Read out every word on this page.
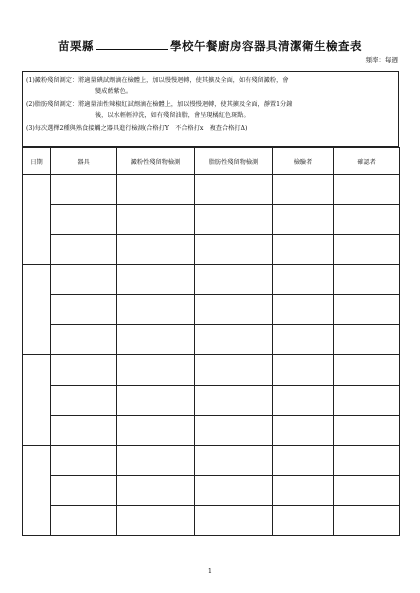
苗栗縣	學校午餐廚房容器具清潔衛生檢查表
頻率：每週
(1)澱粉殘留測定：將適量碘試劑滴在檢體上，加以慢慢迴轉，使其擴及全面，如有殘留澱粉，會
變成藍紫色。
(2)脂肪殘留測定：將適量油性辣椒紅試劑滴在檢體上，加以慢慢迴轉，使其擴及全面，靜置1分鐘
後，以水輕輕沖洗，如有殘留油脂，會呈現橘紅色斑點。
(3)每次選擇2種與熟食接觸之器具進行檢測(合格打Y　不合格打x　複查合格打Δ)
日期	器具	澱粉性殘留物檢測	脂肪性殘留物檢測	檢驗者	確認者

1
